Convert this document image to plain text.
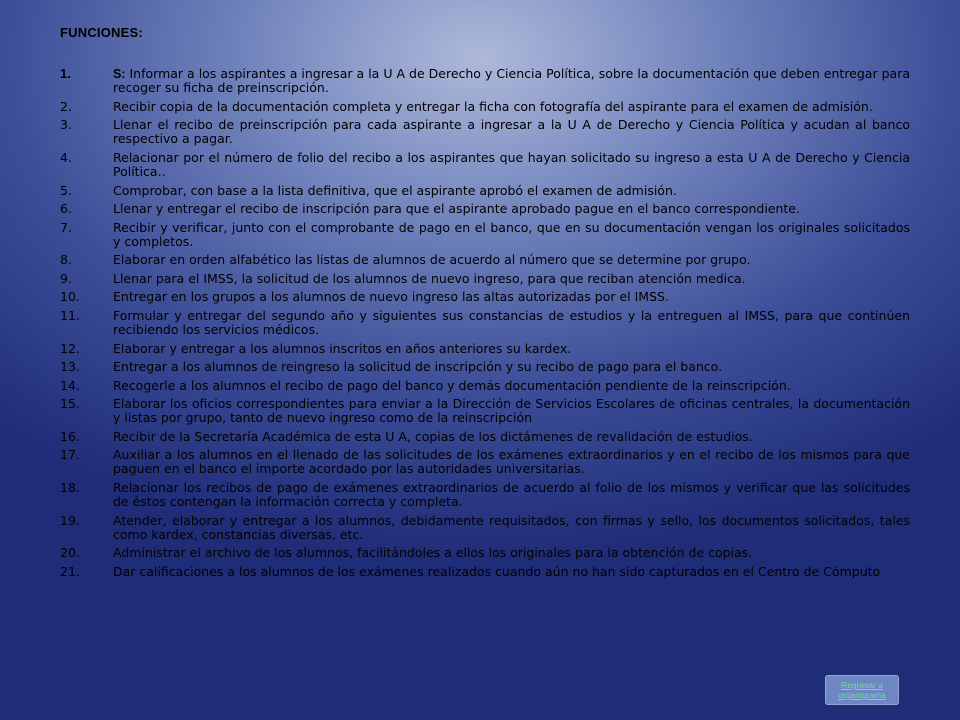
FUNCIONES:
1.	S: Informar a los aspirantes a ingresar a la U A de Derecho y Ciencia Política, sobre la documentación que deben entregar para recoger su ficha de preinscripción.
2.	Recibir copia de la documentación completa y entregar la ficha con fotografía del aspirante para el examen de admisión.
3.	Llenar el recibo de preinscripción para cada aspirante a ingresar a la U A de Derecho y Ciencia Política y acudan al banco respectivo a pagar.
4.	Relacionar por el número de folio del recibo a los aspirantes que hayan solicitado su ingreso a esta U A de Derecho y Ciencia Política..
5.	Comprobar, con base a la lista definitiva, que el aspirante aprobó el examen de admisión.
6.	Llenar y entregar el recibo de inscripción para que el aspirante aprobado pague en el banco correspondiente.
7.	Recibir y verificar, junto con el comprobante de pago en el banco, que en su documentación vengan los originales solicitados y completos.
8.	Elaborar en orden alfabético las listas de alumnos de acuerdo al número que se determine por grupo.
9.	Llenar para el IMSS, la solicitud de los alumnos de nuevo ingreso, para que reciban atención medica.
10.	Entregar en los grupos a los alumnos de nuevo ingreso las altas autorizadas por el IMSS.
11.	Formular y entregar del segundo año y siguientes sus constancias de estudios y la entreguen al IMSS, para que continúen recibiendo los servicios médicos.
12.	Elaborar y entregar a los alumnos inscritos en años anteriores su kardex.
13.	Entregar a los alumnos de reingreso la solicitud de inscripción y su recibo de pago para el banco.
14.	Recogerle a los alumnos el recibo de pago del banco y demás documentación pendiente de la reinscripción.
15.	Elaborar los oficios correspondientes para enviar a la Dirección de Servicios Escolares de oficinas centrales, la documentación y listas por grupo, tanto de nuevo ingreso como de la reinscripción
16.	Recibir de la Secretaría Académica de esta U A, copias de los dictámenes de revalidación de estudios.
17.	Auxiliar a los alumnos en el llenado de las solicitudes de los exámenes extraordinarios y en el recibo de los mismos para que paguen en el banco el importe acordado por las autoridades universitarias.
18.	Relacionar los recibos de pago de exámenes extraordinarios de acuerdo al folio de los mismos y verificar que las solicitudes de éstos contengan la información correcta y completa.
19.	Atender, elaborar y entregar a los alumnos, debidamente requisitados, con firmas y sello, los documentos solicitados, tales como kardex, constancias diversas, etc.
20.	Administrar el archivo de los alumnos, facilitándoles a ellos los originales para la obtención de copias.
21.	Dar calificaciones a los alumnos de los exámenes realizados cuando aún no han sido capturados en el Centro de Cómputo
Regresar a
organigrama
